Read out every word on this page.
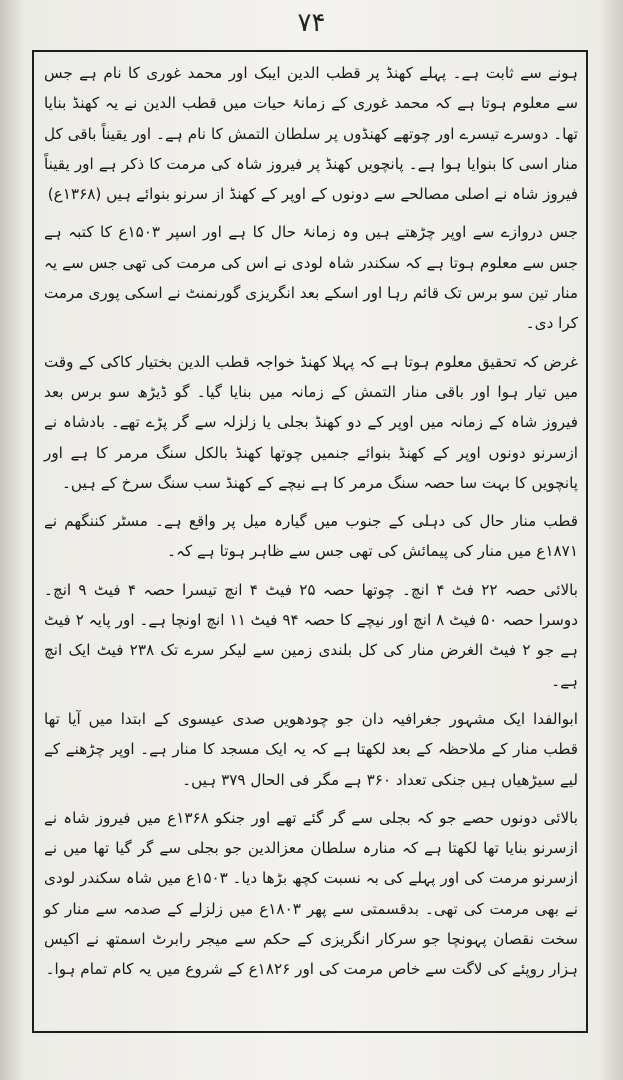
۷۴

ہونے سے ثابت ہے۔ پہلے کھنڈ پر قطب الدین ایبک اور محمد غوری کا نام ہے جس سے معلوم ہوتا ہے کہ محمد غوری کے زمانۂ حیات میں قطب الدین نے یہ کھنڈ بنایا تھا۔ دوسرے تیسرے اور چوتھے کھنڈوں پر سلطان التمش کا نام ہے۔ اور یقیناً باقی کل منار اسی کا بنوایا ہوا ہے۔ پانچویں کھنڈ پر فیروز شاہ کی مرمت کا ذکر ہے اور یقیناً فیروز شاہ نے اصلی مصالحے سے دونوں کے اوپر کے کھنڈ از سرنو بنوائے ہیں (۱۳۶۸ع)

جس دروازے سے اوپر چڑھتے ہیں وہ زمانۂ حال کا ہے اور اسپر ۱۵۰۳ع کا کتبہ ہے جس سے معلوم ہوتا ہے کہ سکندر شاہ لودی نے اس کی مرمت کی تھی جس سے یہ منار تین سو برس تک قائم رہا اور اسکے بعد انگریزی گورنمنٹ نے اسکی پوری مرمت کرا دی۔

غرض کہ تحقیق معلوم ہوتا ہے کہ پہلا کھنڈ خواجہ قطب الدین بختیار کاکی کے وقت میں تیار ہوا اور باقی منار التمش کے زمانہ میں بنایا گیا۔ گو ڈیڑھ سو برس بعد فیروز شاہ کے زمانہ میں اوپر کے دو کھنڈ بجلی یا زلزلہ سے گر پڑے تھے۔ بادشاہ نے ازسرنو دونوں اوپر کے کھنڈ بنوائے جنمیں چوتھا کھنڈ بالکل سنگ مرمر کا ہے اور پانچویں کا بہت سا حصہ سنگ مرمر کا ہے نیچے کے کھنڈ سب سنگ سرخ کے ہیں۔

قطب منار حال کی دہلی کے جنوب میں گیارہ میل پر واقع ہے۔ مسٹر کننگھم نے ۱۸۷۱ع میں منار کی پیمائش کی تھی جس سے ظاہر ہوتا ہے کہ۔

بالائی حصہ ۲۲ فٹ ۴ انچ۔ چوتھا حصہ ۲۵ فیٹ ۴ انچ تیسرا حصہ ۴ فیٹ ۹ انچ۔ دوسرا حصہ ۵۰ فیٹ ۸ انچ اور نیچے کا حصہ ۹۴ فیٹ ۱۱ انچ اونچا ہے۔ اور پایہ ۲ فیٹ ہے جو ۲ فیٹ الغرض منار کی کل بلندی زمین سے لیکر سرے تک ۲۳۸ فیٹ ایک انچ ہے۔

ابوالفدا ایک مشہور جغرافیہ دان جو چودھویں صدی عیسوی کے ابتدا میں آیا تھا قطب منار کے ملاحظہ کے بعد لکھتا ہے کہ یہ ایک مسجد کا منار ہے۔ اوپر چڑھنے کے لیے سیڑھیاں ہیں جنکی تعداد ۳۶۰ ہے مگر فی الحال ۳۷۹ ہیں۔

بالائی دونوں حصے جو کہ بجلی سے گر گئے تھے اور جنکو ۱۳۶۸ع میں فیروز شاہ نے ازسرنو بنایا تھا لکھتا ہے کہ منارہ سلطان معزالدین جو بجلی سے گر گیا تھا میں نے ازسرنو مرمت کی اور پہلے کی بہ نسبت کچھ بڑھا دیا۔ ۱۵۰۳ع میں شاہ سکندر لودی نے بھی مرمت کی تھی۔ بدقسمتی سے پھر ۱۸۰۳ع میں زلزلے کے صدمہ سے منار کو سخت نقصان پہونچا جو سرکار انگریزی کے حکم سے میجر رابرٹ اسمتھ نے اکیس ہزار روپئے کی لاگت سے خاص مرمت کی اور ۱۸۲۶ع کے شروع میں یہ کام تمام ہوا۔
